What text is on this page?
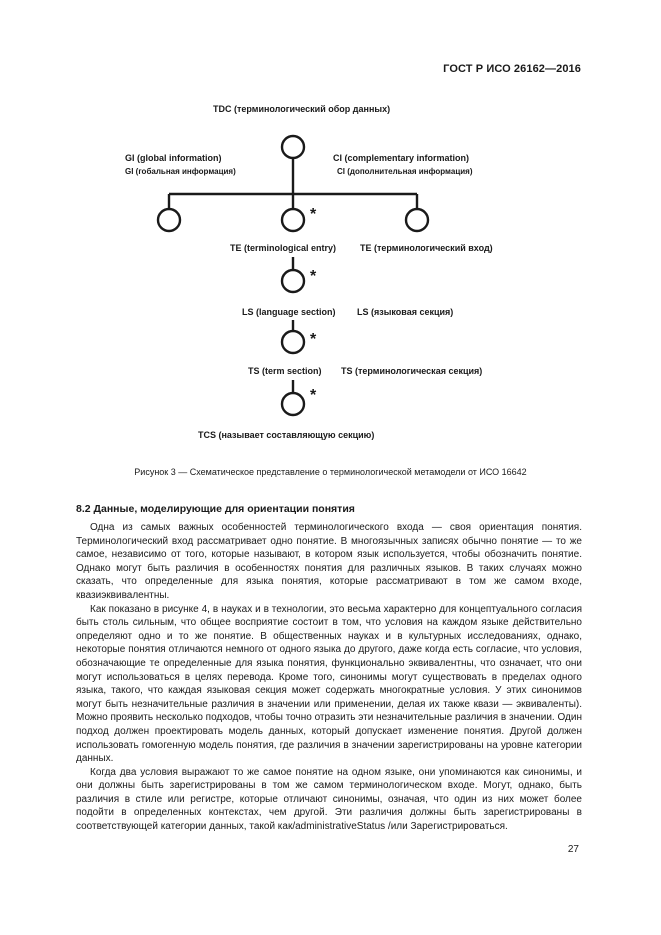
ГОСТ Р ИСО 26162—2016
TDC (терминологический обор данных)
GI (global information)
GI (гобальная информация)
CI (complementary information)
CI (дополнительная информация)
*
TE (terminological entry)	TE (терминологический вход)
*
LS (language section) LS (языковая секция)
*
TS (term section) TS (терминологическая секция)
*
TCS (называет составляющую секцию)
Рисунок 3 — Схематическое представление о терминологической метамодели от ИСО 16642
8.2 Данные, моделирующие для ориентации понятия

Одна из самых важных особенностей терминологического входа — своя ориентация понятия. Терминологический вход рассматривает одно понятие. В многоязычных записях обычно понятие — то же самое, независимо от того, которые называют, в котором язык используется, чтобы обозначить понятие. Однако могут быть различия в особенностях понятия для различных языков. В таких случаях можно сказать, что определенные для языка понятия, которые рассматривают в том же самом входе, квазиэквивалентны.

Как показано в рисунке 4, в науках и в технологии, это весьма характерно для концептуального согласия быть столь сильным, что общее восприятие состоит в том, что условия на каждом языке действительно определяют одно и то же понятие. В общественных науках и в культурных исследованиях, однако, некоторые понятия отличаются немного от одного языка до другого, даже когда есть согласие, что условия, обозначающие те определенные для языка понятия, функционально эквивалентны, что означает, что они могут использоваться в целях перевода. Кроме того, синонимы могут существовать в пределах одного языка, такого, что каждая языковая секция может содержать многократные условия. У этих синонимов могут быть незначительные различия в значении или применении, делая их также квази — эквиваленты). Можно проявить несколько подходов, чтобы точно отразить эти незначительные различия в значении. Один подход должен проектировать модель данных, который допускает изменение понятия. Другой должен использовать гомогенную модель понятия, где различия в значении зарегистрированы на уровне категории данных.

Когда два условия выражают то же самое понятие на одном языке, они упоминаются как синонимы, и они должны быть зарегистрированы в том же самом терминологическом входе. Могут, однако, быть различия в стиле или регистре, которые отличают синонимы, означая, что один из них может более подойти в определенных контекстах, чем другой. Эти различия должны быть зарегистрированы в соответствующей категории данных, такой как/administrativeStatus /или Зарегистрироваться.

27
